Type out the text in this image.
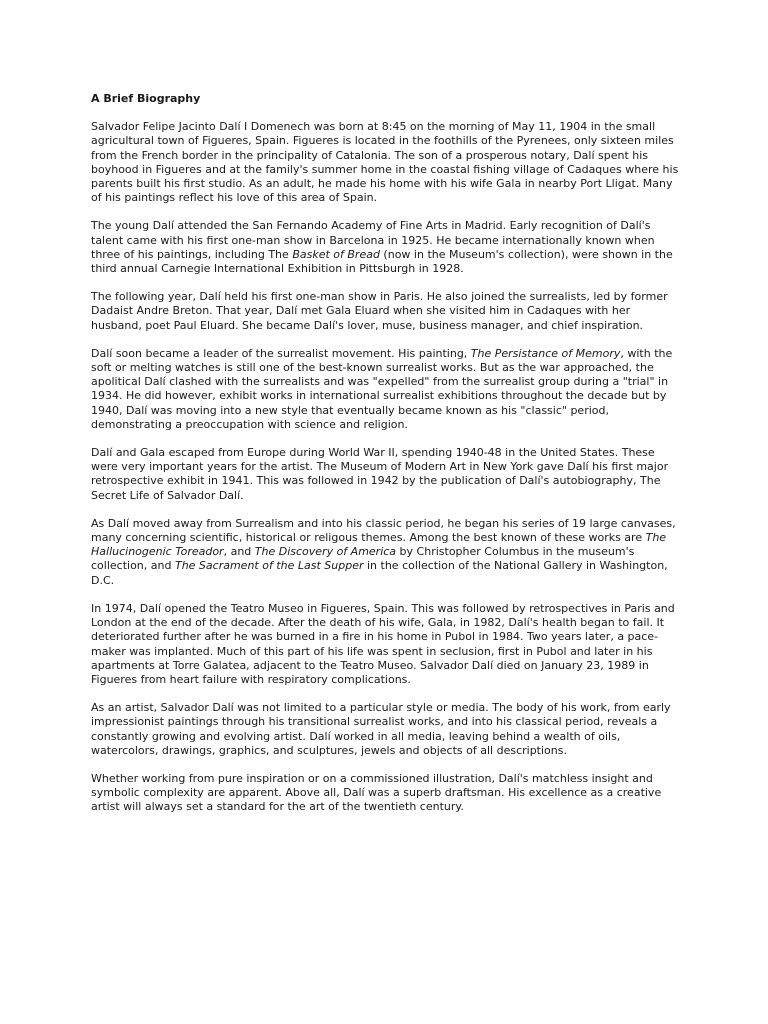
A Brief Biography

Salvador Felipe Jacinto Dalí I Domenech was born at 8:45 on the morning of May 11, 1904 in the small agricultural town of Figueres, Spain. Figueres is located in the foothills of the Pyrenees, only sixteen miles from the French border in the principality of Catalonia. The son of a prosperous notary, Dalí spent his boyhood in Figueres and at the family's summer home in the coastal fishing village of Cadaques where his parents built his first studio. As an adult, he made his home with his wife Gala in nearby Port Lligat. Many of his paintings reflect his love of this area of Spain.

The young Dalí attended the San Fernando Academy of Fine Arts in Madrid. Early recognition of Dalí's talent came with his first one-man show in Barcelona in 1925. He became internationally known when three of his paintings, including The Basket of Bread (now in the Museum's collection), were shown in the third annual Carnegie International Exhibition in Pittsburgh in 1928.

The following year, Dalí held his first one-man show in Paris. He also joined the surrealists, led by former Dadaist Andre Breton. That year, Dalí met Gala Eluard when she visited him in Cadaques with her husband, poet Paul Eluard. She became Dalí's lover, muse, business manager, and chief inspiration.

Dalí soon became a leader of the surrealist movement. His painting, The Persistance of Memory, with the soft or melting watches is still one of the best-known surrealist works. But as the war approached, the apolitical Dalí clashed with the surrealists and was "expelled" from the surrealist group during a "trial" in 1934. He did however, exhibit works in international surrealist exhibitions throughout the decade but by 1940, Dalí was moving into a new style that eventually became known as his "classic" period, demonstrating a preoccupation with science and religion.

Dalí and Gala escaped from Europe during World War II, spending 1940-48 in the United States. These were very important years for the artist. The Museum of Modern Art in New York gave Dalí his first major retrospective exhibit in 1941. This was followed in 1942 by the publication of Dalí's autobiography, The Secret Life of Salvador Dalí.

As Dalí moved away from Surrealism and into his classic period, he began his series of 19 large canvases, many concerning scientific, historical or religous themes. Among the best known of these works are The Hallucinogenic Toreador, and The Discovery of America by Christopher Columbus in the museum's collection, and The Sacrament of the Last Supper in the collection of the National Gallery in Washington, D.C.

In 1974, Dalí opened the Teatro Museo in Figueres, Spain. This was followed by retrospectives in Paris and London at the end of the decade. After the death of his wife, Gala, in 1982, Dalí's health began to fail. It deteriorated further after he was burned in a fire in his home in Pubol in 1984. Two years later, a pace-maker was implanted. Much of this part of his life was spent in seclusion, first in Pubol and later in his apartments at Torre Galatea, adjacent to the Teatro Museo. Salvador Dalí died on January 23, 1989 in Figueres from heart failure with respiratory complications.

As an artist, Salvador Dalí was not limited to a particular style or media. The body of his work, from early impressionist paintings through his transitional surrealist works, and into his classical period, reveals a constantly growing and evolving artist. Dalí worked in all media, leaving behind a wealth of oils, watercolors, drawings, graphics, and sculptures, jewels and objects of all descriptions.

Whether working from pure inspiration or on a commissioned illustration, Dalí's matchless insight and symbolic complexity are apparent. Above all, Dalí was a superb draftsman. His excellence as a creative artist will always set a standard for the art of the twentieth century.
